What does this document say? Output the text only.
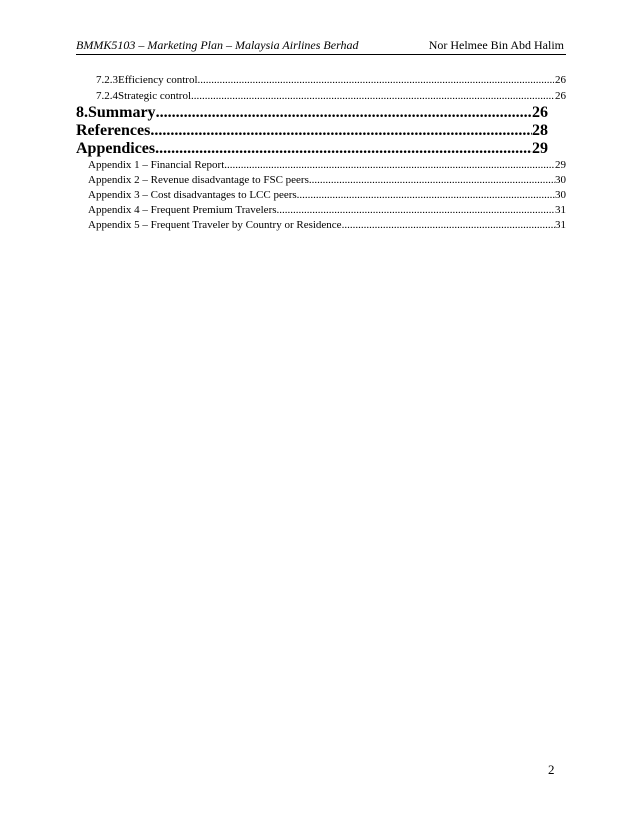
BMMK5103 – Marketing Plan – Malaysia Airlines Berhad	Nor Helmee Bin Abd Halim
7.2.3 Efficiency control .....	26
7.2.4 Strategic control .....	26
8. Summary .....	26
References .....	28
Appendices .....	29
Appendix 1 – Financial Report .....	29
Appendix 2 – Revenue disadvantage to FSC peers .....	30
Appendix 3 – Cost disadvantages to LCC peers .....	30
Appendix 4 – Frequent Premium Travelers .....	31
Appendix 5 – Frequent Traveler by Country or Residence .....	31
2
